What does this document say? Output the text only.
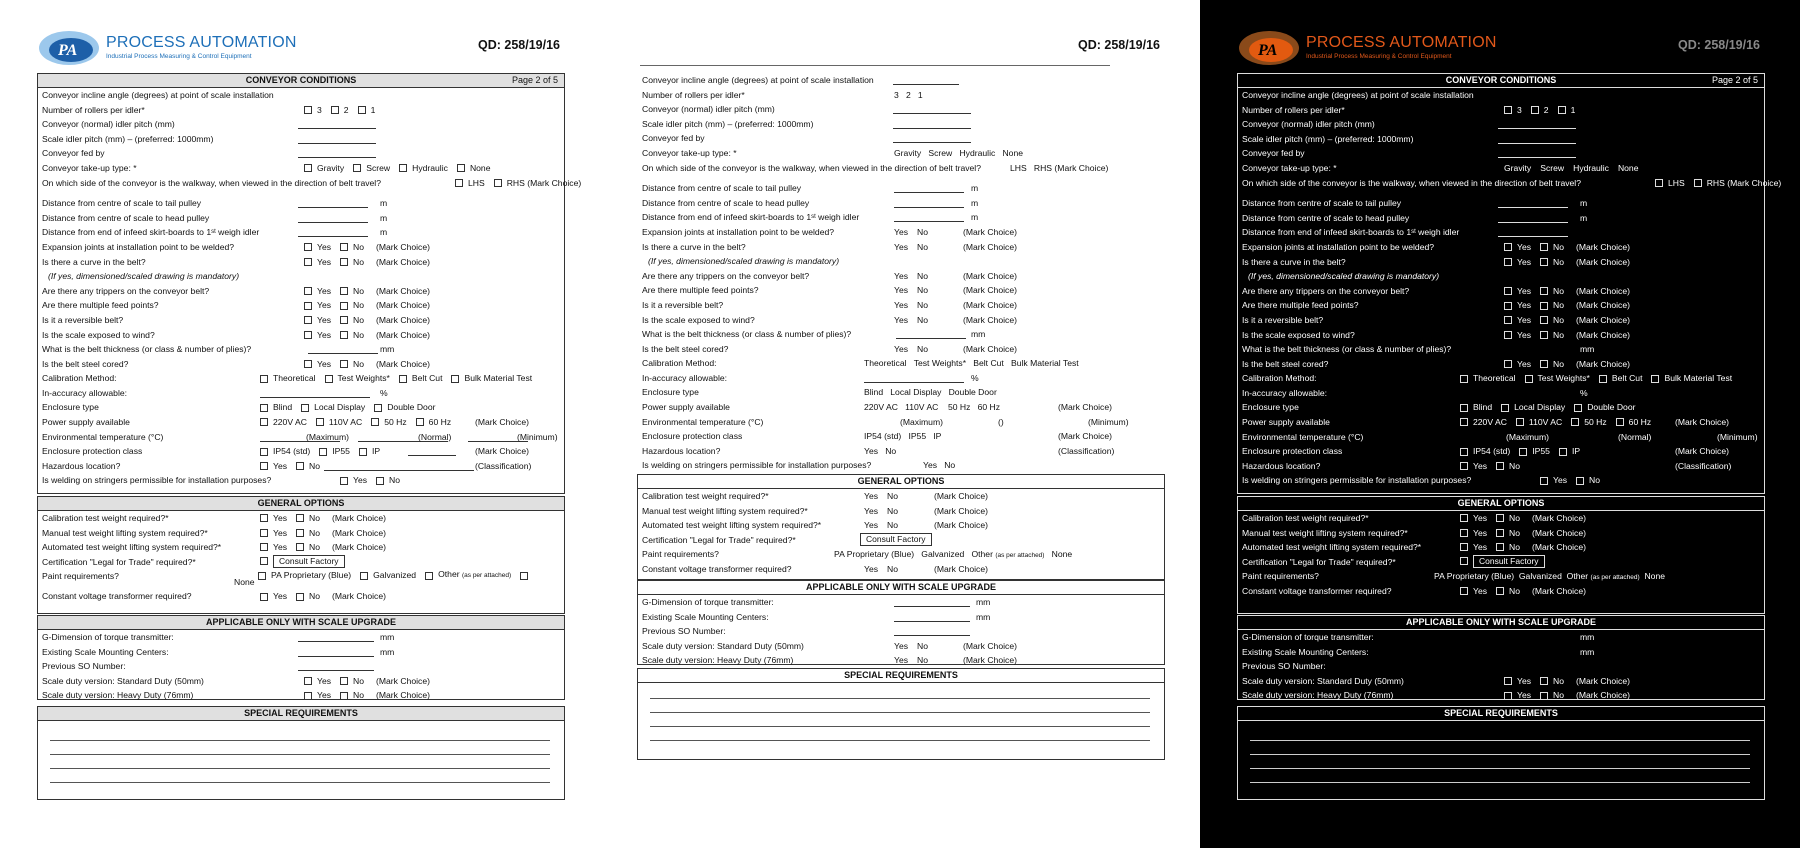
PA PROCESS AUTOMATION
Industrial Process Measuring & Control Equipment
QD: 258/19/16
CONVEYOR CONDITIONS	Page 2 of 5
Conveyor incline angle (degrees) at point of scale installation
Number of rollers per idler*	3	2	1
Conveyor (normal) idler pitch (mm)
Scale idler pitch (mm) – (preferred: 1000mm)
Conveyor fed by
Conveyor take-up type: *	Gravity	Screw	Hydraulic	None
On which side of the conveyor is the walkway, when viewed in the direction of belt travel?	LHS	RHS (Mark Choice)
Distance from centre of scale to tail pulley	m
Distance from centre of scale to head pulley	m
Distance from end of infeed skirt-boards to 1st weigh idler	m
Expansion joints at installation point to be welded?	Yes	No (Mark Choice)
Is there a curve in the belt?	Yes	No (Mark Choice)
(If yes, dimensioned/scaled drawing is mandatory)
Are there any trippers on the conveyor belt?	Yes	No (Mark Choice)
Are there multiple feed points?	Yes	No (Mark Choice)
Is it a reversible belt?	Yes	No (Mark Choice)
Is the scale exposed to wind?	Yes	No (Mark Choice)
What is the belt thickness (or class & number of plies)?	mm
Is the belt steel cored?	Yes	No (Mark Choice)
Calibration Method:	Theoretical	Test Weights*	Belt Cut	Bulk Material Test
In-accuracy allowable:	%
Enclosure type	Blind	Local Display	Double Door
Power supply available	220V AC	110V AC	50 Hz	60 Hz	(Mark Choice)
Environmental temperature (°C)	(Maximum)	(Normal)	(Minimum)
Enclosure protection class	IP54 (std)	IP55	IP	(Mark Choice)
Hazardous location?	Yes	No	(Classification)
Is welding on stringers permissible for installation purposes?	Yes	No
GENERAL OPTIONS
Calibration test weight required?*	Yes	No (Mark Choice)
Manual test weight lifting system required?*	Yes	No (Mark Choice)
Automated test weight lifting system required?*	Yes	No (Mark Choice)
Certification "Legal for Trade" required?*	Consult Factory
Paint requirements?	PA Proprietary (Blue)	Galvanized	Other (as per attached)
None
Constant voltage transformer required?	Yes	No (Mark Choice)
APPLICABLE ONLY WITH SCALE UPGRADE
G-Dimension of torque transmitter:	mm
Existing Scale Mounting Centers:	mm
Previous SO Number:
Scale duty version: Standard Duty (50mm)	Yes	No (Mark Choice)
Scale duty version: Heavy Duty (76mm)	Yes	No (Mark Choice)
SPECIAL REQUIREMENTS
QD: 258/19/16
Conveyor incline angle (degrees) at point of scale installation
Number of rollers per idler*	3 2 1
Conveyor (normal) idler pitch (mm)
Scale idler pitch (mm) – (preferred: 1000mm)
Conveyor fed by
Conveyor take-up type: *	Gravity Screw Hydraulic None
On which side of the conveyor is the walkway, when viewed in the direction of belt travel?	LHS RHS (Mark Choice)
Distance from centre of scale to tail pulley	m
Distance from centre of scale to head pulley	m
Distance from end of infeed skirt-boards to 1st weigh idler	m
Expansion joints at installation point to be welded?	Yes No	(Mark Choice)
Is there a curve in the belt?	Yes No	(Mark Choice)
(If yes, dimensioned/scaled drawing is mandatory)
Are there any trippers on the conveyor belt?	Yes No	(Mark Choice)
Are there multiple feed points?	Yes No	(Mark Choice)
Is it a reversible belt?	Yes No	(Mark Choice)
Is the scale exposed to wind?	Yes No	(Mark Choice)
What is the belt thickness (or class & number of plies)?	mm
Is the belt steel cored?	Yes No	(Mark Choice)
Calibration Method:	Theoretical Test Weights* Belt Cut Bulk Material Test
In-accuracy allowable:	%
Enclosure type	Blind Local Display Double Door
Power supply available	220V AC 110V AC 50 Hz 60 Hz	(Mark Choice)
Environmental temperature (°C)	(Maximum)	()	(Minimum)
Enclosure protection class	IP54 (std) IP55 IP	(Mark Choice)
Hazardous location?	Yes No	(Classification)
Is welding on stringers permissible for installation purposes?	Yes No
GENERAL OPTIONS
Calibration test weight required?*	Yes No	(Mark Choice)
Manual test weight lifting system required?*	Yes No	(Mark Choice)
Automated test weight lifting system required?*	Yes No	(Mark Choice)
Certification "Legal for Trade" required?*	Consult Factory
Paint requirements?	PA Proprietary (Blue) Galvanized Other (as per attached) None
Constant voltage transformer required?	Yes No	(Mark Choice)
APPLICABLE ONLY WITH SCALE UPGRADE
G-Dimension of torque transmitter:	mm
Existing Scale Mounting Centers:	mm
Previous SO Number:
Scale duty version: Standard Duty (50mm)	Yes No	(Mark Choice)
Scale duty version: Heavy Duty (76mm)	Yes No	(Mark Choice)
SPECIAL REQUIREMENTS
PA PROCESS AUTOMATION
Industrial Process Measuring & Control Equipment
QD: 258/19/16
CONVEYOR CONDITIONS	Page 2 of 5
Conveyor incline angle (degrees) at point of scale installation
Number of rollers per idler*	3	2	1
Conveyor (normal) idler pitch (mm)
Scale idler pitch (mm) – (preferred: 1000mm)
Conveyor fed by
Conveyor take-up type: *	Gravity Screw Hydraulic None
On which side of the conveyor is the walkway, when viewed in the direction of belt travel?	LHS	RHS (Mark Choice)
Distance from centre of scale to tail pulley	m
Distance from centre of scale to head pulley	m
Distance from end of infeed skirt-boards to 1st weigh idler
Expansion joints at installation point to be welded?	Yes	No (Mark Choice)
Is there a curve in the belt?	Yes	No (Mark Choice)
(If yes, dimensioned/scaled drawing is mandatory)
Are there any trippers on the conveyor belt?	Yes	No (Mark Choice)
Are there multiple feed points?	Yes	No (Mark Choice)
Is it a reversible belt?	Yes	No (Mark Choice)
Is the scale exposed to wind?	Yes	No (Mark Choice)
What is the belt thickness (or class & number of plies)?	mm
Is the belt steel cored?	Yes	No (Mark Choice)
Calibration Method:	Theoretical	Test Weights*	Belt Cut	Bulk Material Test
In-accuracy allowable:	%
Enclosure type	Blind	Local Display	Double Door
Power supply available	220V AC	110V AC	50 Hz	60 Hz	(Mark Choice)
Environmental temperature (°C)	(Maximum)	(Normal)	(Minimum)
Enclosure protection class	IP54 (std)	IP55	IP	(Mark Choice)
Hazardous location?	Yes	No	(Classification)
Is welding on stringers permissible for installation purposes?	Yes	No
GENERAL OPTIONS
Calibration test weight required?*	Yes	No (Mark Choice)
Manual test weight lifting system required?*	Yes	No (Mark Choice)
Automated test weight lifting system required?*	Yes	No (Mark Choice)
Certification "Legal for Trade" required?*	Consult Factory
Paint requirements?	PA Proprietary (Blue) Galvanized Other (as per attached) None
Constant voltage transformer required?	Yes	No (Mark Choice)
APPLICABLE ONLY WITH SCALE UPGRADE
G-Dimension of torque transmitter:	mm
Existing Scale Mounting Centers:	mm
Previous SO Number:
Scale duty version: Standard Duty (50mm)	Yes	No (Mark Choice)
Scale duty version: Heavy Duty (76mm)	Yes	No (Mark Choice)
SPECIAL REQUIREMENTS
